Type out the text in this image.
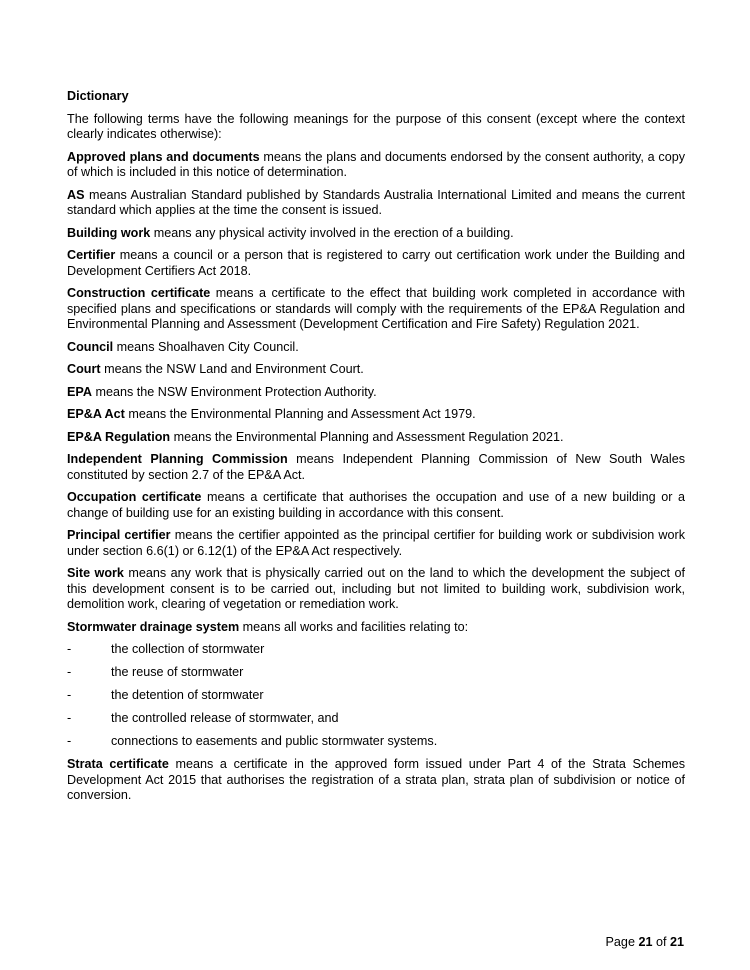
Dictionary

The following terms have the following meanings for the purpose of this consent (except where the context clearly indicates otherwise):

Approved plans and documents means the plans and documents endorsed by the consent authority, a copy of which is included in this notice of determination.

AS means Australian Standard published by Standards Australia International Limited and means the current standard which applies at the time the consent is issued.

Building work means any physical activity involved in the erection of a building.

Certifier means a council or a person that is registered to carry out certification work under the Building and Development Certifiers Act 2018.

Construction certificate means a certificate to the effect that building work completed in accordance with specified plans and specifications or standards will comply with the requirements of the EP&A Regulation and Environmental Planning and Assessment (Development Certification and Fire Safety) Regulation 2021.

Council means Shoalhaven City Council.

Court means the NSW Land and Environment Court.

EPA means the NSW Environment Protection Authority.

EP&A Act means the Environmental Planning and Assessment Act 1979.

EP&A Regulation means the Environmental Planning and Assessment Regulation 2021.

Independent Planning Commission means Independent Planning Commission of New South Wales constituted by section 2.7 of the EP&A Act.

Occupation certificate means a certificate that authorises the occupation and use of a new building or a change of building use for an existing building in accordance with this consent.

Principal certifier means the certifier appointed as the principal certifier for building work or subdivision work under section 6.6(1) or 6.12(1) of the EP&A Act respectively.

Site work means any work that is physically carried out on the land to which the development the subject of this development consent is to be carried out, including but not limited to building work, subdivision work, demolition work, clearing of vegetation or remediation work.

Stormwater drainage system means all works and facilities relating to:

-	the collection of stormwater
-	the reuse of stormwater
-	the detention of stormwater
-	the controlled release of stormwater, and
-	connections to easements and public stormwater systems.

Strata certificate means a certificate in the approved form issued under Part 4 of the Strata Schemes Development Act 2015 that authorises the registration of a strata plan, strata plan of subdivision or notice of conversion.

Page 21 of 21
